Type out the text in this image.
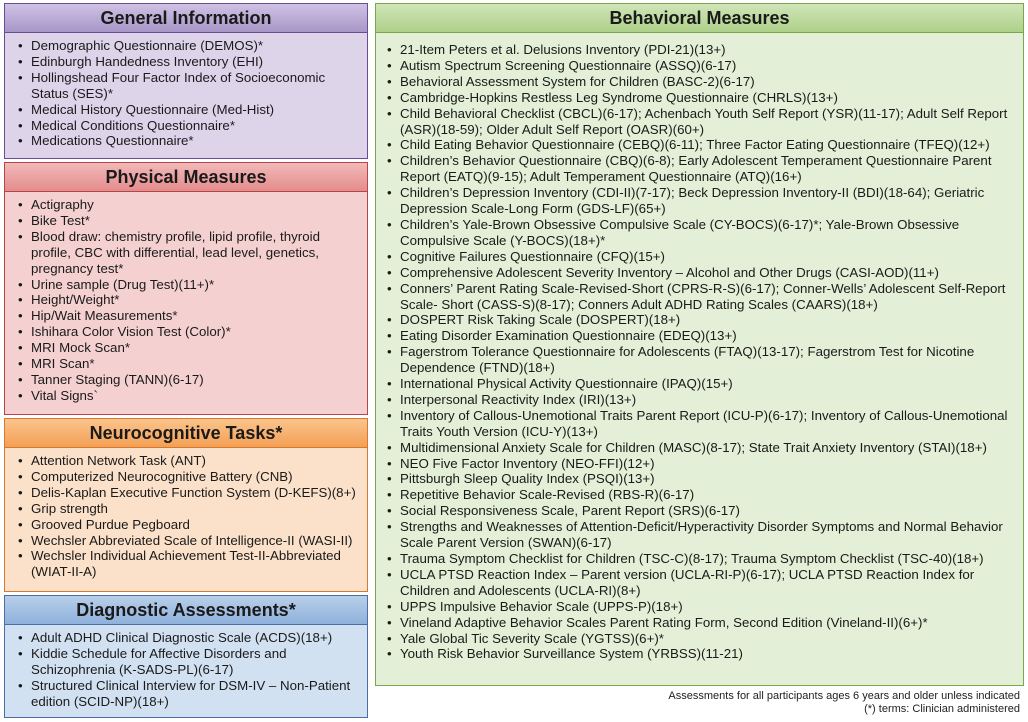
General Information
• Demographic Questionnaire (DEMOS)*
• Edinburgh Handedness Inventory (EHI)
• Hollingshead Four Factor Index of Socioeconomic Status (SES)*
• Medical History Questionnaire (Med-Hist)
• Medical Conditions Questionnaire*
• Medications Questionnaire*
Physical Measures
• Actigraphy
• Bike Test*
• Blood draw: chemistry profile, lipid profile, thyroid profile, CBC with differential, lead level, genetics, pregnancy test*
• Urine sample (Drug Test)(11+)*
• Height/Weight*
• Hip/Wait Measurements*
• Ishihara Color Vision Test (Color)*
• MRI Mock Scan*
• MRI Scan*
• Tanner Staging (TANN)(6-17)
• Vital Signs`
Neurocognitive Tasks*
• Attention Network Task (ANT)
• Computerized Neurocognitive Battery (CNB)
• Delis-Kaplan Executive Function System (D-KEFS)(8+)
• Grip strength
• Grooved Purdue Pegboard
• Wechsler Abbreviated Scale of Intelligence-II (WASI-II)
• Wechsler Individual Achievement Test-II-Abbreviated (WIAT-II-A)
Diagnostic Assessments*
• Adult ADHD Clinical Diagnostic Scale (ACDS)(18+)
• Kiddie Schedule for Affective Disorders and Schizophrenia (K-SADS-PL)(6-17)
• Structured Clinical Interview for DSM-IV – Non-Patient edition (SCID-NP)(18+)
Behavioral Measures
• 21-Item Peters et al. Delusions Inventory (PDI-21)(13+)
• Autism Spectrum Screening Questionnaire (ASSQ)(6-17)
• Behavioral Assessment System for Children (BASC-2)(6-17)
• Cambridge-Hopkins Restless Leg Syndrome Questionnaire (CHRLS)(13+)
• Child Behavioral Checklist (CBCL)(6-17); Achenbach Youth Self Report (YSR)(11-17); Adult Self Report (ASR)(18-59); Older Adult Self Report (OASR)(60+)
• Child Eating Behavior Questionnaire (CEBQ)(6-11); Three Factor Eating Questionnaire (TFEQ)(12+)
• Children’s Behavior Questionnaire (CBQ)(6-8); Early Adolescent Temperament Questionnaire Parent Report (EATQ)(9-15); Adult Temperament Questionnaire (ATQ)(16+)
• Children’s Depression Inventory (CDI-II)(7-17); Beck Depression Inventory-II (BDI)(18-64); Geriatric Depression Scale-Long Form (GDS-LF)(65+)
• Children’s Yale-Brown Obsessive Compulsive Scale (CY-BOCS)(6-17)*; Yale-Brown Obsessive Compulsive Scale (Y-BOCS)(18+)*
• Cognitive Failures Questionnaire (CFQ)(15+)
• Comprehensive Adolescent Severity Inventory – Alcohol and Other Drugs (CASI-AOD)(11+)
• Conners’ Parent Rating Scale-Revised-Short (CPRS-R-S)(6-17); Conner-Wells’ Adolescent Self-Report Scale- Short (CASS-S)(8-17); Conners Adult ADHD Rating Scales (CAARS)(18+)
• DOSPERT Risk Taking Scale (DOSPERT)(18+)
• Eating Disorder Examination Questionnaire (EDEQ)(13+)
• Fagerstrom Tolerance Questionnaire for Adolescents (FTAQ)(13-17); Fagerstrom Test for Nicotine Dependence (FTND)(18+)
• International Physical Activity Questionnaire (IPAQ)(15+)
• Interpersonal Reactivity Index (IRI)(13+)
• Inventory of Callous-Unemotional Traits Parent Report (ICU-P)(6-17); Inventory of Callous-Unemotional Traits Youth Version (ICU-Y)(13+)
• Multidimensional Anxiety Scale for Children (MASC)(8-17); State Trait Anxiety Inventory (STAI)(18+)
• NEO Five Factor Inventory (NEO-FFI)(12+)
• Pittsburgh Sleep Quality Index (PSQI)(13+)
• Repetitive Behavior Scale-Revised (RBS-R)(6-17)
• Social Responsiveness Scale, Parent Report (SRS)(6-17)
• Strengths and Weaknesses of Attention-Deficit/Hyperactivity Disorder Symptoms and Normal Behavior Scale Parent Version (SWAN)(6-17)
• Trauma Symptom Checklist for Children (TSC-C)(8-17); Trauma Symptom Checklist (TSC-40)(18+)
• UCLA PTSD Reaction Index – Parent version (UCLA-RI-P)(6-17); UCLA PTSD Reaction Index for Children and Adolescents (UCLA-RI)(8+)
• UPPS Impulsive Behavior Scale (UPPS-P)(18+)
• Vineland Adaptive Behavior Scales Parent Rating Form, Second Edition (Vineland-II)(6+)*
• Yale Global Tic Severity Scale (YGTSS)(6+)*
• Youth Risk Behavior Surveillance System (YRBSS)(11-21)
Assessments for all participants ages 6 years and older unless indicated
(*) terms: Clinician administered
